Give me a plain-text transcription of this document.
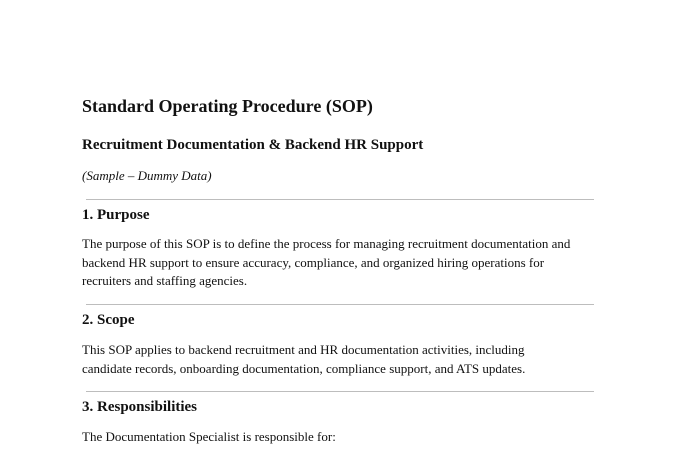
Standard Operating Procedure (SOP)
Recruitment Documentation & Backend HR Support

(Sample – Dummy Data)

1. Purpose

The purpose of this SOP is to define the process for managing recruitment documentation and
backend HR support to ensure accuracy, compliance, and organized hiring operations for
recruiters and staffing agencies.

2. Scope

This SOP applies to backend recruitment and HR documentation activities, including
candidate records, onboarding documentation, compliance support, and ATS updates.

3. Responsibilities

The Documentation Specialist is responsible for:
